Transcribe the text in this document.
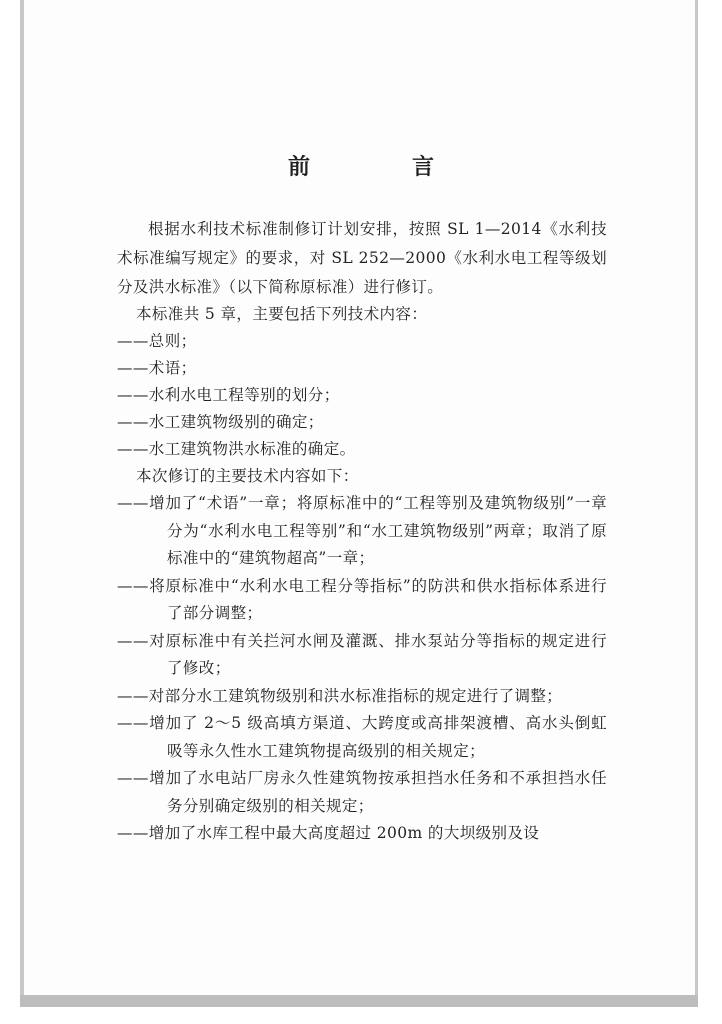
前　言

根据水利技术标准制修订计划安排，按照 SL 1—2014《水利技术标准编写规定》的要求，对 SL 252—2000《水利水电工程等级划分及洪水标准》（以下简称原标准）进行修订。

本标准共 5 章，主要包括下列技术内容：

——总则；

——术语；

——水利水电工程等别的划分；

——水工建筑物级别的确定；

——水工建筑物洪水标准的确定。

本次修订的主要技术内容如下：

——增加了“术语”一章；将原标准中的“工程等别及建筑物级别”一章分为“水利水电工程等别”和“水工建筑物级别”两章；取消了原标准中的“建筑物超高”一章；

——将原标准中“水利水电工程分等指标”的防洪和供水指标体系进行了部分调整；

——对原标准中有关拦河水闸及灌溉、排水泵站分等指标的规定进行了修改；

——对部分水工建筑物级别和洪水标准指标的规定进行了调整；

——增加了 2～5 级高填方渠道、大跨度或高排架渡槽、高水头倒虹吸等永久性水工建筑物提高级别的相关规定；

——增加了水电站厂房永久性建筑物按承担挡水任务和不承担挡水任务分别确定级别的相关规定；

——增加了水库工程中最大高度超过 200m 的大坝级别及设
